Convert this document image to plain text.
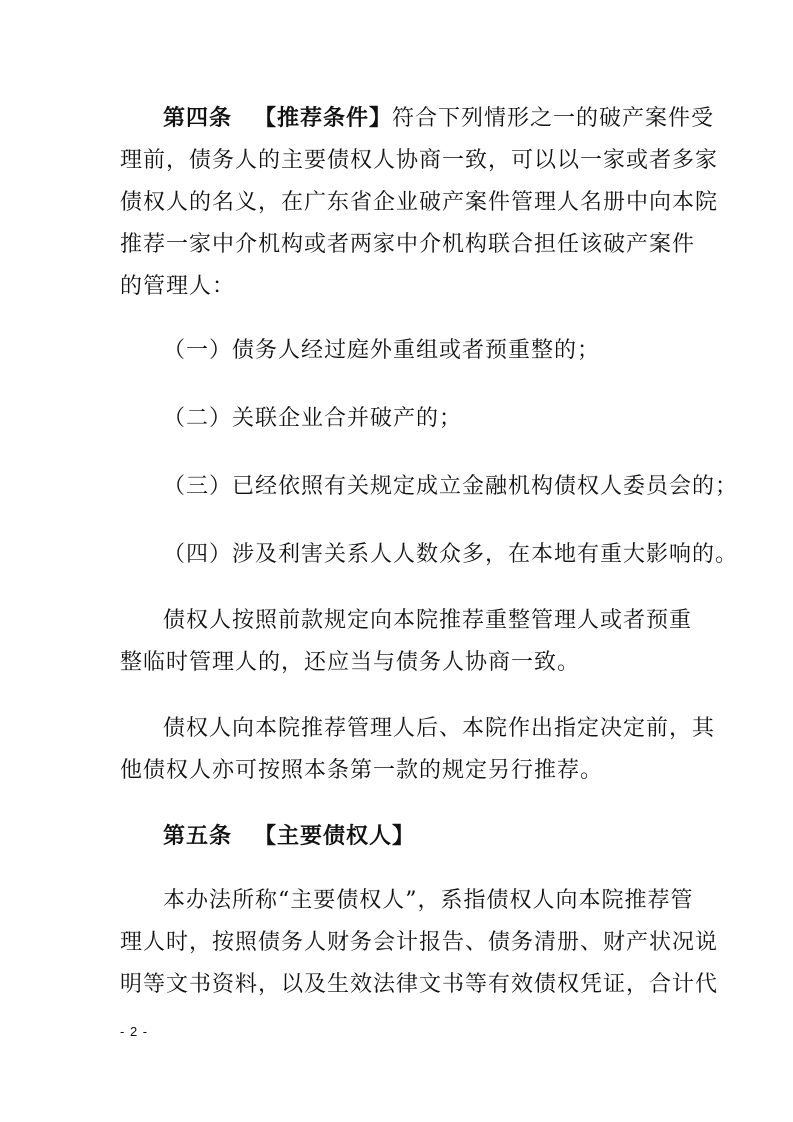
第四条 【推荐条件】符合下列情形之一的破产案件受
理前，债务人的主要债权人协商一致，可以以一家或者多家
债权人的名义，在广东省企业破产案件管理人名册中向本院
推荐一家中介机构或者两家中介机构联合担任该破产案件
的管理人：
（一）债务人经过庭外重组或者预重整的；
（二）关联企业合并破产的；
（三）已经依照有关规定成立金融机构债权人委员会的；
（四）涉及利害关系人人数众多，在本地有重大影响的。
债权人按照前款规定向本院推荐重整管理人或者预重
整临时管理人的，还应当与债务人协商一致。
债权人向本院推荐管理人后、本院作出指定决定前，其
他债权人亦可按照本条第一款的规定另行推荐。
第五条 【主要债权人】
本办法所称“主要债权人”，系指债权人向本院推荐管
理人时，按照债务人财务会计报告、债务清册、财产状况说
明等文书资料，以及生效法律文书等有效债权凭证，合计代
- 2 -
